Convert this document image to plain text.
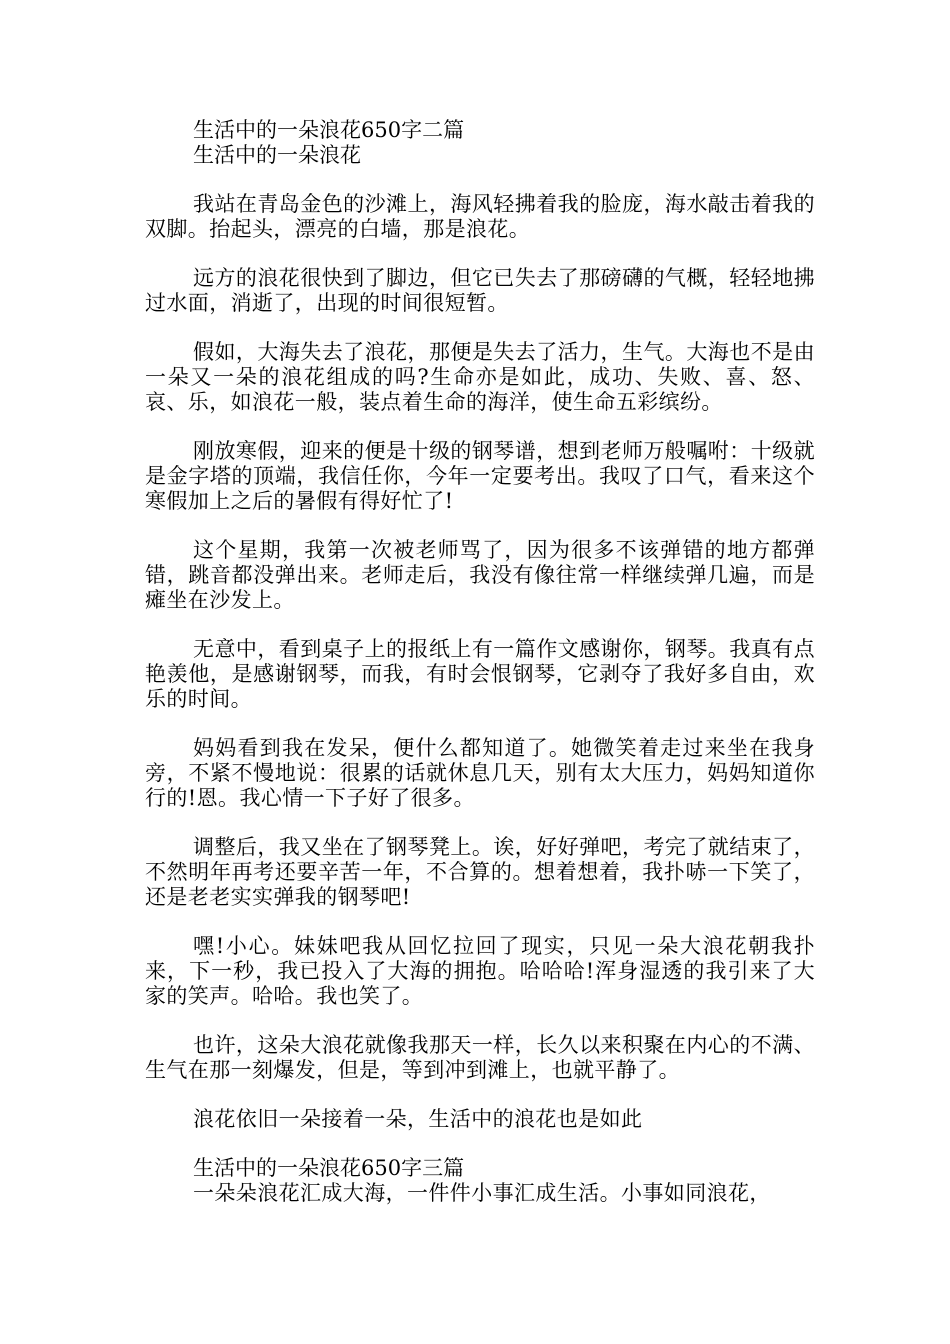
生活中的一朵浪花650字二篇

生活中的一朵浪花

我站在青岛金色的沙滩上，海风轻拂着我的脸庞，海水敲击着我的双脚。抬起头，漂亮的白墙，那是浪花。

远方的浪花很快到了脚边，但它已失去了那磅礴的气概，轻轻地拂过水面，消逝了，出现的时间很短暂。

假如，大海失去了浪花，那便是失去了活力，生气。大海也不是由一朵又一朵的浪花组成的吗?生命亦是如此，成功、失败、喜、怒、哀、乐，如浪花一般，装点着生命的海洋，使生命五彩缤纷。

刚放寒假，迎来的便是十级的钢琴谱，想到老师万般嘱咐：十级就是金字塔的顶端，我信任你，今年一定要考出。我叹了口气，看来这个寒假加上之后的暑假有得好忙了!

这个星期，我第一次被老师骂了，因为很多不该弹错的地方都弹错，跳音都没弹出来。老师走后，我没有像往常一样继续弹几遍，而是瘫坐在沙发上。

无意中，看到桌子上的报纸上有一篇作文感谢你，钢琴。我真有点艳羡他，是感谢钢琴，而我，有时会恨钢琴，它剥夺了我好多自由，欢乐的时间。

妈妈看到我在发呆，便什么都知道了。她微笑着走过来坐在我身旁，不紧不慢地说：很累的话就休息几天，别有太大压力，妈妈知道你行的!恩。我心情一下子好了很多。

调整后，我又坐在了钢琴凳上。诶，好好弹吧，考完了就结束了，不然明年再考还要辛苦一年，不合算的。想着想着，我扑哧一下笑了，还是老老实实弹我的钢琴吧!

嘿!小心。妹妹吧我从回忆拉回了现实，只见一朵大浪花朝我扑来，下一秒，我已投入了大海的拥抱。哈哈哈!浑身湿透的我引来了大家的笑声。哈哈。我也笑了。

也许，这朵大浪花就像我那天一样，长久以来积聚在内心的不满、生气在那一刻爆发，但是，等到冲到滩上，也就平静了。

浪花依旧一朵接着一朵，生活中的浪花也是如此

生活中的一朵浪花650字三篇

一朵朵浪花汇成大海，一件件小事汇成生活。小事如同浪花，
